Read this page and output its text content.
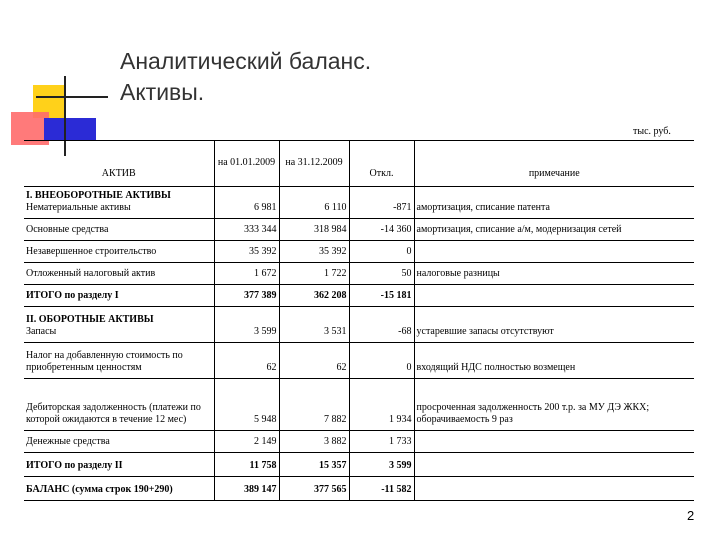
Аналитический баланс.
Активы.
тыс. руб.
АКТИВ	на 01.01.2009	на 31.12.2009	Откл.	примечание

I. ВНЕОБОРОТНЫЕ АКТИВЫ
Нематериальные активы	6 981	6 110	-871	амортизация, списание патента
Основные средства	333 344	318 984	-14 360	амортизация, списание а/м, модернизация сетей
Незавершенное строительство	35 392	35 392	0	
Отложенный налоговый актив	1 672	1 722	50	налоговые разницы
ИТОГО по разделу I	377 389	362 208	-15 181	

II. ОБОРОТНЫЕ АКТИВЫ
Запасы	3 599	3 531	-68	устаревшие запасы отсутствуют
Налог на добавленную стоимость по приобретенным ценностям	62	62	0	входящий НДС полностью возмещен
Дебиторская задолженность (платежи по которой ожидаются в течение 12 мес)	5 948	7 882	1 934	просроченная задолженность 200 т.р. за МУ ДЭ ЖКХ; оборачиваемость 9 раз
Денежные средства	2 149	3 882	1 733	
ИТОГО по разделу II	11 758	15 357	3 599	
БАЛАНС (сумма строк 190+290)	389 147	377 565	-11 582	
2
